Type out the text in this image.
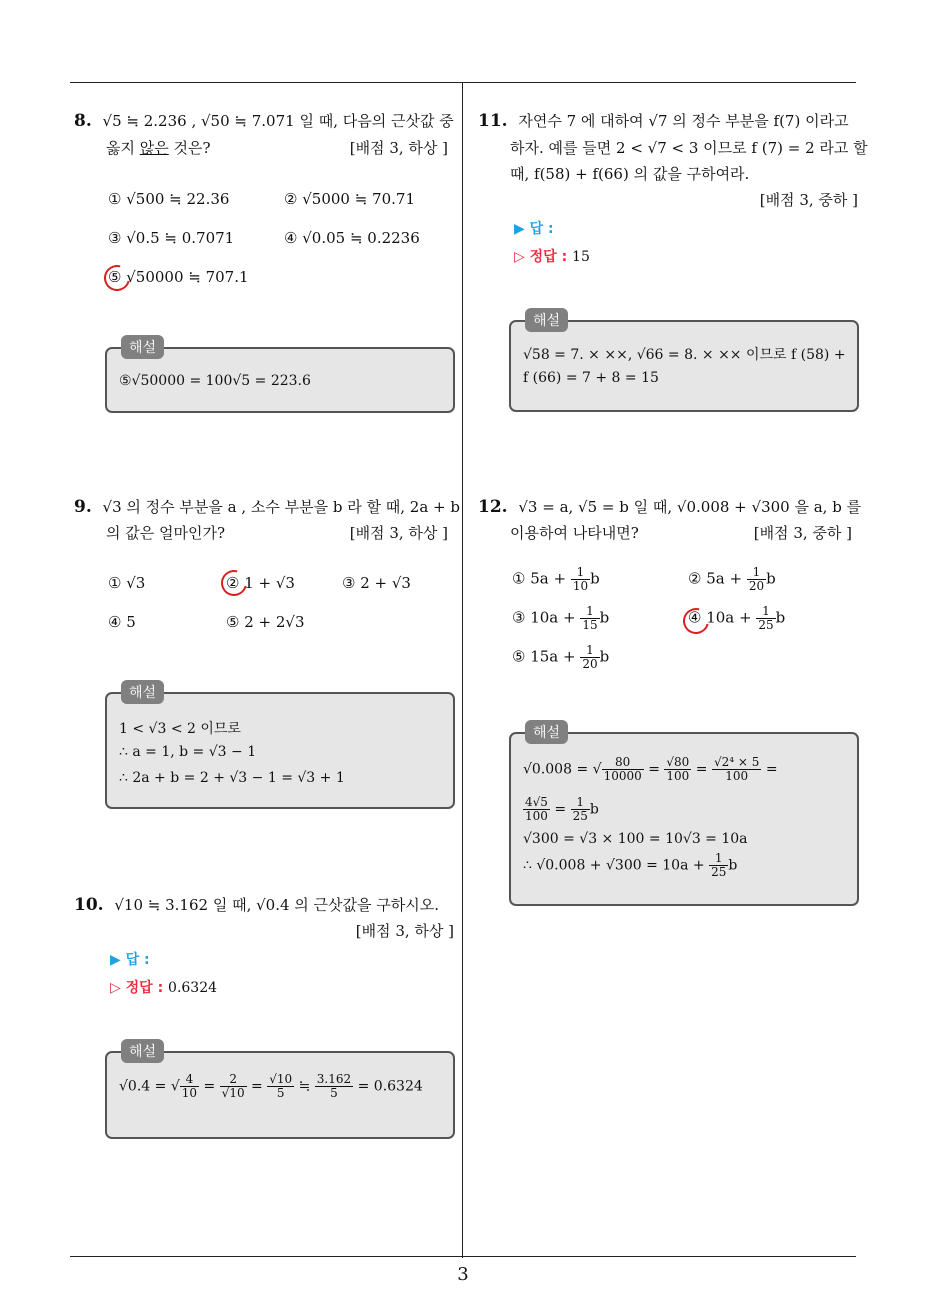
8. √5 ≒ 2.236 , √50 ≒ 7.071 일 때, 다음의 근삿값 중
옳지 않은 것은?	[배점 3, 하상 ]
① √500 ≒ 22.36	② √5000 ≒ 70.71
③ √0.5 ≒ 0.7071	④ √0.05 ≒ 0.2236
⑤ √50000 ≒ 707.1
해설
⑤√50000 = 100√5 = 223.6
9. √3 의 정수 부분을 a , 소수 부분을 b 라 할 때, 2a + b
의 값은 얼마인가?	[배점 3, 하상 ]
① √3	② 1 + √3	③ 2 + √3
④ 5	⑤ 2 + 2√3
해설
1 < √3 < 2 이므로
∴ a = 1, b = √3 − 1
∴ 2a + b = 2 + √3 − 1 = √3 + 1
10. √10 ≒ 3.162 일 때, √0.4 의 근삿값을 구하시오.
[배점 3, 하상 ]
▶ 답 :
▷ 정답 : 0.6324
해설
√0.4 = √ $\frac{4}{10} = \frac{2}{√10} = \frac{√10}{5}$ ≒ $\frac{3.162}{5} = 0.6324$
11. 자연수 7 에 대하여 √7 의 정수 부분을 f(7) 이라고
하자. 예를 들면 2 < √7 < 3 이므로 f (7) = 2 라고 할
때, f(58) + f(66) 의 값을 구하여라.
[배점 3, 중하 ]
▶ 답 :
▷ 정답 : 15
해설
√58 = 7. × ××, √66 = 8. × ×× 이므로 f (58) +
f (66) = 7 + 8 = 15
12. √3 = a, √5 = b 일 때, √0.008 + √300 을 a, b 를
이용하여 나타내면?	[배점 3, 중하 ]
① $5a + \frac{1}{10}$ b	② $5a + \frac{1}{20}$ b
③ $10a + \frac{1}{15}$ b	④ $10a + \frac{1}{25}$ b
⑤ $15a + \frac{1}{20}$ b
해설
√0.008 = √ $\frac{80}{10000} = \frac{√80}{100} = \frac{\text{√2⁴ × 5}}{100}$ =
$\frac{4√5}{100} = \frac{1}{25}$ b
√300 = √3 × 100 = 10√3 = 10a
∴ $√0.008 + √300 = 10a + \frac{1}{25}$ b
3
